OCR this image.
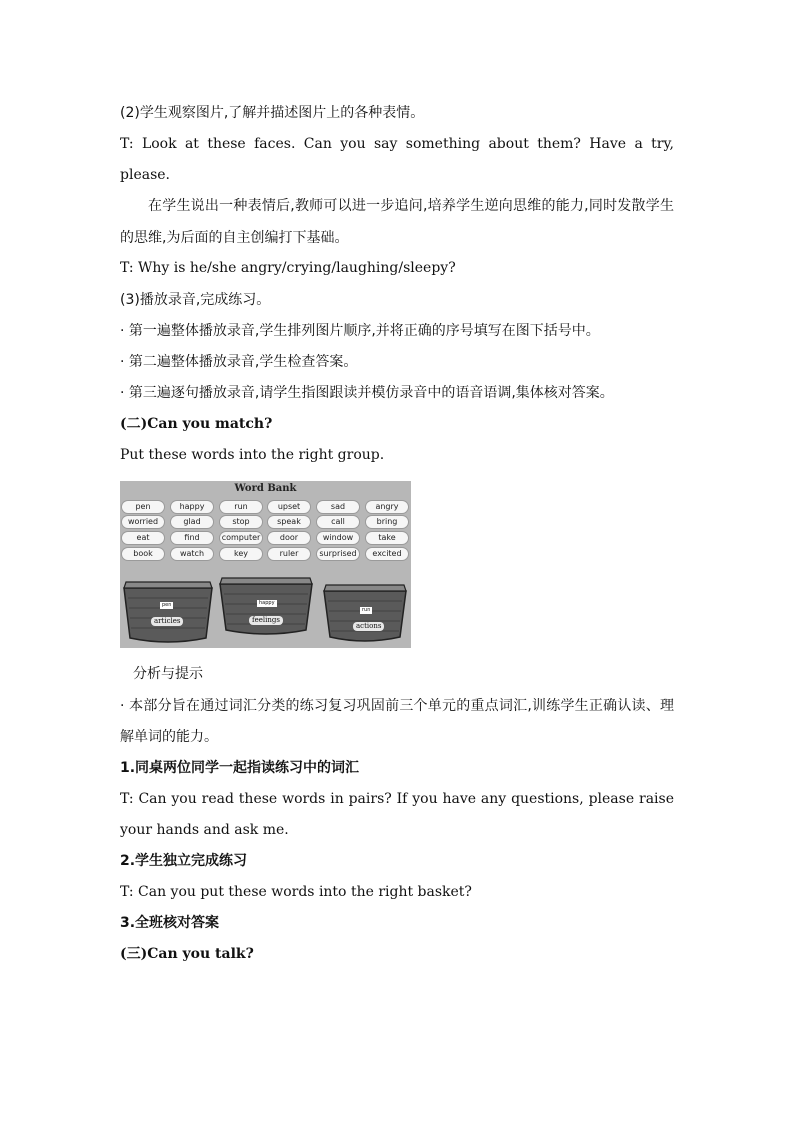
(2)学生观察图片,了解并描述图片上的各种表情。
T: Look at these faces. Can you say something about them? Have a try,
please.
在学生说出一种表情后,教师可以进一步追问,培养学生逆向思维的能力,同时发散学生
的思维,为后面的自主创编打下基础。
T: Why is he/she angry/crying/laughing/sleepy?
(3)播放录音,完成练习。
· 第一遍整体播放录音,学生排列图片顺序,并将正确的序号填写在图下括号中。
· 第二遍整体播放录音,学生检查答案。
· 第三遍逐句播放录音,请学生指图跟读并模仿录音中的语音语调,集体核对答案。
(二)Can you match?
Put these words into the right group.
Word Bank
pen	happy	run	upset	sad	angry
worried	glad	stop	speak	call	bring
eat	find	computer	door	window	take
book	watch	key	ruler	surprised	excited
pen
articles
happy
feelings
run
actions
分析与提示
· 本部分旨在通过词汇分类的练习复习巩固前三个单元的重点词汇,训练学生正确认读、理
解单词的能力。
1.同桌两位同学一起指读练习中的词汇
T: Can you read these words in pairs? If you have any questions, please raise
your hands and ask me.
2.学生独立完成练习
T: Can you put these words into the right basket?
3.全班核对答案
(三)Can you talk?
